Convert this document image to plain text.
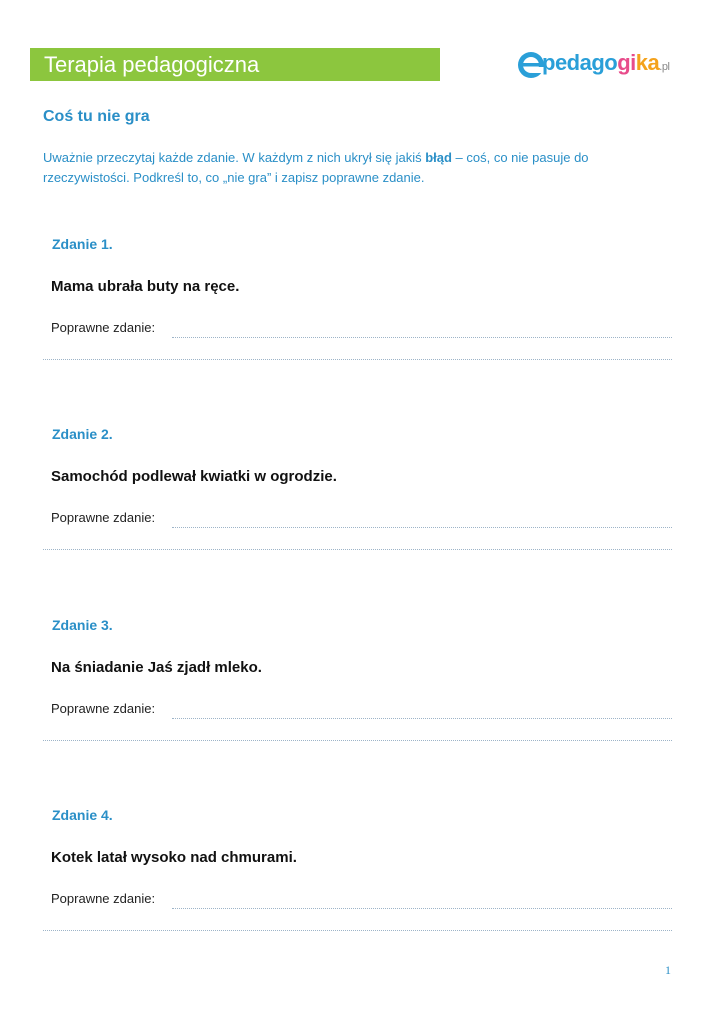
Terapia pedagogiczna	pedagogika.pl
Coś tu nie gra
Uważnie przeczytaj każde zdanie. W każdym z nich ukrył się jakiś błąd – coś, co nie pasuje do rzeczywistości. Podkreśl to, co „nie gra” i zapisz poprawne zdanie.
Zdanie 1.
Mama ubrała buty na ręce.
Poprawne zdanie:
Zdanie 2.
Samochód podlewał kwiatki w ogrodzie.
Poprawne zdanie:
Zdanie 3.
Na śniadanie Jaś zjadł mleko.
Poprawne zdanie:
Zdanie 4.
Kotek latał wysoko nad chmurami.
Poprawne zdanie:
1
